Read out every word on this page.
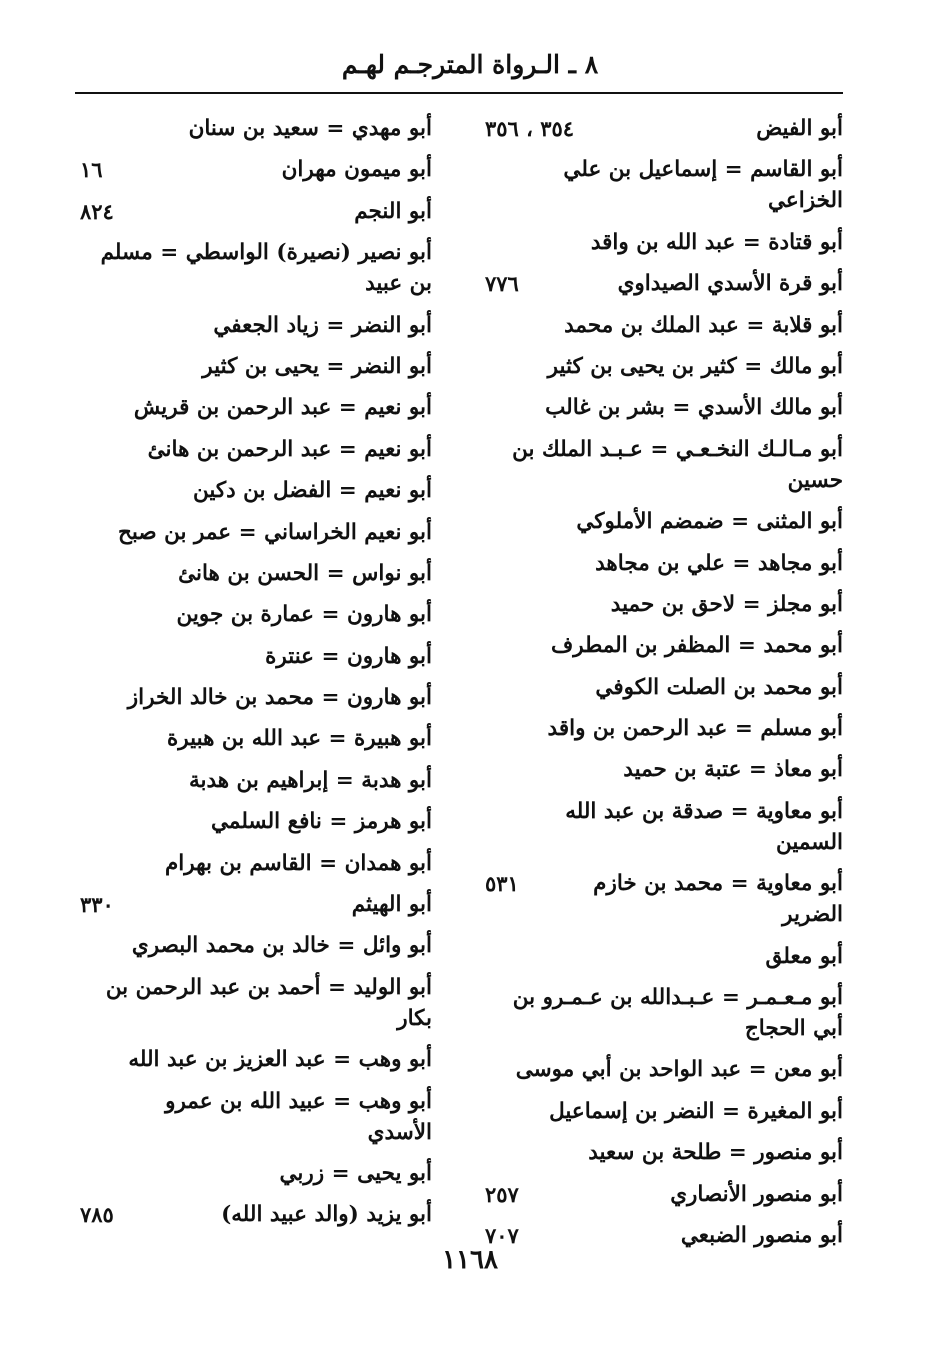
٨ ـ الـرواة المترجـم لهـم
أبو الفيض
٣٥٤ ، ٣٥٦
أبو القاسم = إسماعيل بن علي الخزاعي
أبو قتادة = عبد الله بن واقد
أبو قرة الأسدي الصيداوي
٧٧٦
أبو قلابة = عبد الملك بن محمد
أبو مالك = كثير بن يحيى بن كثير
أبو مالك الأسدي = بشر بن غالب
أبو مـالـك النخـعـي = عـبـد الملك بن حسين
أبو المثنى = ضمضم الأملوكي
أبو مجاهد = علي بن مجاهد
أبو مجلز = لاحق بن حميد
أبو محمد = المظفر بن المطرف
أبو محمد بن الصلت الكوفي
أبو مسلم = عبد الرحمن بن واقد
أبو معاذ = عتبة بن حميد
أبو معاوية = صدقة بن عبد الله السمين
أبو معاوية = محمد بن خازم الضرير
٥٣١
أبو معلق
أبو مـعـمـر = عـبـدالله بن عـمـرو بن أبي الحجاج
أبو معن = عبد الواحد بن أبي موسى
أبو المغيرة = النضر بن إسماعيل
أبو منصور = طلحة بن سعيد
أبو منصور الأنصاري
٢٥٧
أبو منصور الضبعي
٧٠٧
أبو مهدي = سعيد بن سنان
أبو ميمون مهران
١٦
أبو النجم
٨٢٤
أبو نصير (نصيرة) الواسطي = مسلم بن عبيد
أبو النضر = زياد الجعفي
أبو النضر = يحيى بن كثير
أبو نعيم = عبد الرحمن بن قريش
أبو نعيم = عبد الرحمن بن هانئ
أبو نعيم = الفضل بن دكين
أبو نعيم الخراساني = عمر بن صبح
أبو نواس = الحسن بن هانئ
أبو هارون = عمارة بن جوين
أبو هارون = عنترة
أبو هارون = محمد بن خالد الخراز
أبو هبيرة = عبد الله بن هبيرة
أبو هدبة = إبراهيم بن هدبة
أبو هرمز = نافع السلمي
أبو همدان = القاسم بن بهرام
أبو الهيثم
٣٣٠
أبو وائل = خالد بن محمد البصري
أبو الوليد = أحمد بن عبد الرحمن بن بكار
أبو وهب = عبد العزيز بن عبد الله
أبو وهب = عبيد الله بن عمرو الأسدي
أبو يحيى = زربي
أبو يزيد (والد عبيد الله)
٧٨٥
١١٦٨
